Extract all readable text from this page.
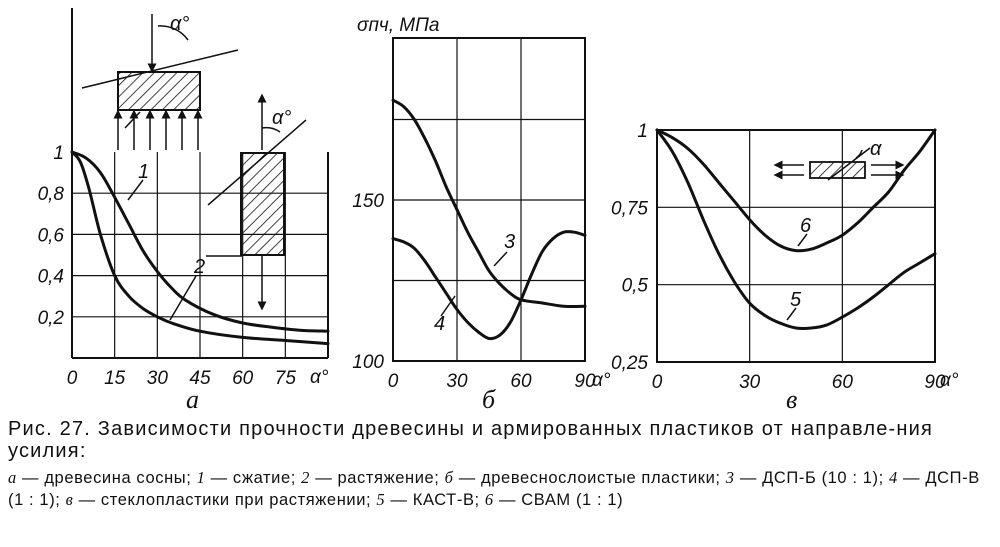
1
0,8
0,6
0,4
0,2
0 15 30 45 60 75 α°
а
1
2
α°
α°
150
100
0	30 60 90
σпч, МПа
α°
б
3
4
1
0,75
0,5
0,25
0	30	60	90
α°
в
6
5
α

Рис. 27. Зависимости прочности древесины и армированных пластиков от направле-ния усилия:

а — древесина сосны; 1 — сжатие; 2 — растяжение; б — древеснослоистые пластики; 3 — ДСП-Б (10 : 1); 4 — ДСП-В (1 : 1); в — стеклопластики при растяжении; 5 — КАСТ-В; 6 — СВАМ (1 : 1)
